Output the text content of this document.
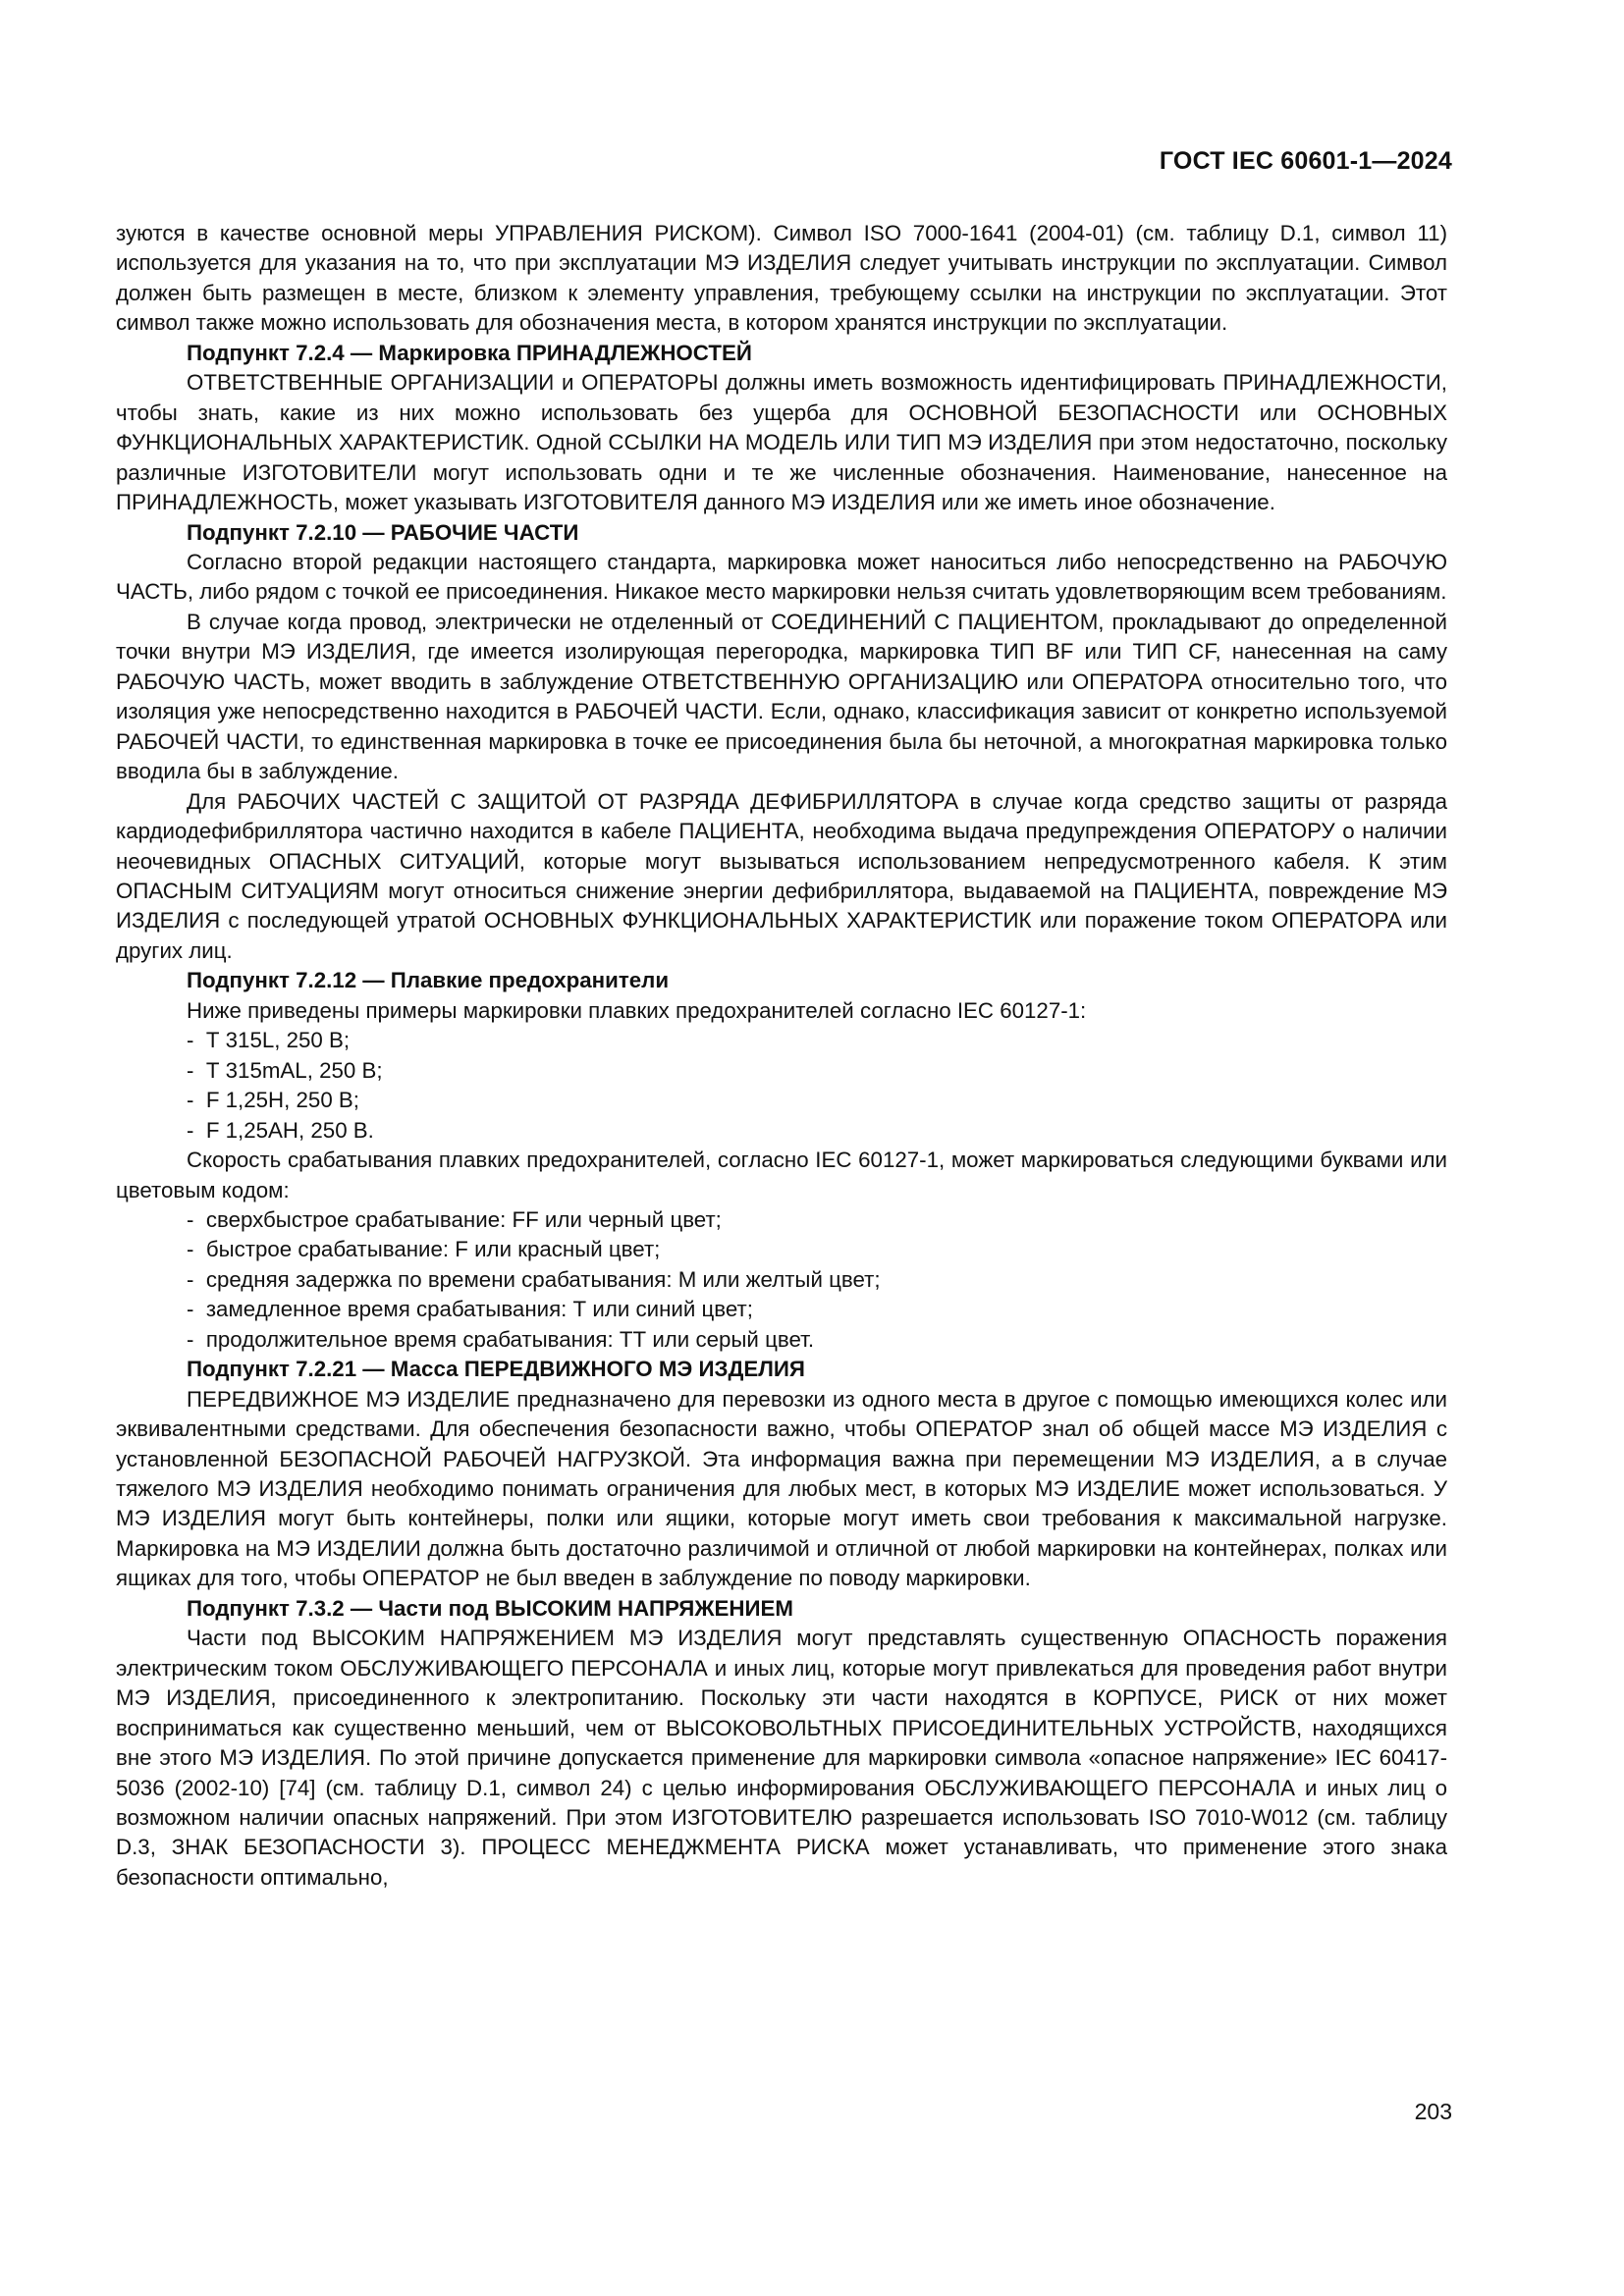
ГОСТ IEC 60601-1—2024

зуются в качестве основной меры УПРАВЛЕНИЯ РИСКОМ). Символ ISO 7000-1641 (2004-01) (см. таблицу D.1, символ 11) используется для указания на то, что при эксплуатации МЭ ИЗДЕЛИЯ следует учитывать инструкции по эксплуатации. Символ должен быть размещен в месте, близком к элементу управления, требующему ссылки на инструкции по эксплуатации. Этот символ также можно использовать для обозначения места, в котором хранятся инструкции по эксплуатации.

Подпункт 7.2.4 — Маркировка ПРИНАДЛЕЖНОСТЕЙ

ОТВЕТСТВЕННЫЕ ОРГАНИЗАЦИИ и ОПЕРАТОРЫ должны иметь возможность идентифицировать ПРИНАДЛЕЖНОСТИ, чтобы знать, какие из них можно использовать без ущерба для ОСНОВНОЙ БЕЗОПАСНОСТИ или ОСНОВНЫХ ФУНКЦИОНАЛЬНЫХ ХАРАКТЕРИСТИК. Одной ССЫЛКИ НА МОДЕЛЬ ИЛИ ТИП МЭ ИЗДЕЛИЯ при этом недостаточно, поскольку различные ИЗГОТОВИТЕЛИ могут использовать одни и те же численные обозначения. Наименование, нанесенное на ПРИНАДЛЕЖНОСТЬ, может указывать ИЗГОТОВИТЕЛЯ данного МЭ ИЗДЕЛИЯ или же иметь иное обозначение.

Подпункт 7.2.10 — РАБОЧИЕ ЧАСТИ

Согласно второй редакции настоящего стандарта, маркировка может наноситься либо непосредственно на РАБОЧУЮ ЧАСТЬ, либо рядом с точкой ее присоединения. Никакое место маркировки нельзя считать удовлетворяющим всем требованиям.

В случае когда провод, электрически не отделенный от СОЕДИНЕНИЙ С ПАЦИЕНТОМ, прокладывают до определенной точки внутри МЭ ИЗДЕЛИЯ, где имеется изолирующая перегородка, маркировка ТИП BF или ТИП CF, нанесенная на саму РАБОЧУЮ ЧАСТЬ, может вводить в заблуждение ОТВЕТСТВЕННУЮ ОРГАНИЗАЦИЮ или ОПЕРАТОРА относительно того, что изоляция уже непосредственно находится в РАБОЧЕЙ ЧАСТИ. Если, однако, классификация зависит от конкретно используемой РАБОЧЕЙ ЧАСТИ, то единственная маркировка в точке ее присоединения была бы неточной, а многократная маркировка только вводила бы в заблуждение.

Для РАБОЧИХ ЧАСТЕЙ С ЗАЩИТОЙ ОТ РАЗРЯДА ДЕФИБРИЛЛЯТОРА в случае когда средство защиты от разряда кардиодефибриллятора частично находится в кабеле ПАЦИЕНТА, необходима выдача предупреждения ОПЕРАТОРУ о наличии неочевидных ОПАСНЫХ СИТУАЦИЙ, которые могут вызываться использованием непредусмотренного кабеля. К этим ОПАСНЫМ СИТУАЦИЯМ могут относиться снижение энергии дефибриллятора, выдаваемой на ПАЦИЕНТА, повреждение МЭ ИЗДЕЛИЯ с последующей утратой ОСНОВНЫХ ФУНКЦИОНАЛЬНЫХ ХАРАКТЕРИСТИК или поражение током ОПЕРАТОРА или других лиц.

Подпункт 7.2.12 — Плавкие предохранители

Ниже приведены примеры маркировки плавких предохранителей согласно IEC 60127-1:

-  Т 315L, 250 В;
-  Т 315mAL, 250 В;
-  F 1,25H, 250 В;
-  F 1,25AH, 250 В.

Скорость срабатывания плавких предохранителей, согласно IEC 60127-1, может маркироваться следующими буквами или цветовым кодом:

-  сверхбыстрое срабатывание: FF или черный цвет;
-  быстрое срабатывание: F или красный цвет;
-  средняя задержка по времени срабатывания: М или желтый цвет;
-  замедленное время срабатывания: Т или синий цвет;
-  продолжительное время срабатывания: ТТ или серый цвет.

Подпункт 7.2.21 — Масса ПЕРЕДВИЖНОГО МЭ ИЗДЕЛИЯ

ПЕРЕДВИЖНОЕ МЭ ИЗДЕЛИЕ предназначено для перевозки из одного места в другое с помощью имеющихся колес или эквивалентными средствами. Для обеспечения безопасности важно, чтобы ОПЕРАТОР знал об общей массе МЭ ИЗДЕЛИЯ с установленной БЕЗОПАСНОЙ РАБОЧЕЙ НАГРУЗКОЙ. Эта информация важна при перемещении МЭ ИЗДЕЛИЯ, а в случае тяжелого МЭ ИЗДЕЛИЯ необходимо понимать ограничения для любых мест, в которых МЭ ИЗДЕЛИЕ может использоваться. У МЭ ИЗДЕЛИЯ могут быть контейнеры, полки или ящики, которые могут иметь свои требования к максимальной нагрузке. Маркировка на МЭ ИЗДЕЛИИ должна быть достаточно различимой и отличной от любой маркировки на контейнерах, полках или ящиках для того, чтобы ОПЕРАТОР не был введен в заблуждение по поводу маркировки.

Подпункт 7.3.2 — Части под ВЫСОКИМ НАПРЯЖЕНИЕМ

Части под ВЫСОКИМ НАПРЯЖЕНИЕМ МЭ ИЗДЕЛИЯ могут представлять существенную ОПАСНОСТЬ поражения электрическим током ОБСЛУЖИВАЮЩЕГО ПЕРСОНАЛА и иных лиц, которые могут привлекаться для проведения работ внутри МЭ ИЗДЕЛИЯ, присоединенного к электропитанию. Поскольку эти части находятся в КОРПУСЕ, РИСК от них может восприниматься как существенно меньший, чем от ВЫСОКОВОЛЬТНЫХ ПРИСОЕДИНИТЕЛЬНЫХ УСТРОЙСТВ, находящихся вне этого МЭ ИЗДЕЛИЯ. По этой причине допускается применение для маркировки символа «опасное напряжение» IEC 60417-5036 (2002-10) [74] (см. таблицу D.1, символ 24) с целью информирования ОБСЛУЖИВАЮЩЕГО ПЕРСОНАЛА и иных лиц о возможном наличии опасных напряжений. При этом ИЗГОТОВИТЕЛЮ разрешается использовать ISO 7010-W012 (см. таблицу D.3, ЗНАК БЕЗОПАСНОСТИ 3). ПРОЦЕСС МЕНЕДЖМЕНТА РИСКА может устанавливать, что применение этого знака безопасности оптимально,

203
